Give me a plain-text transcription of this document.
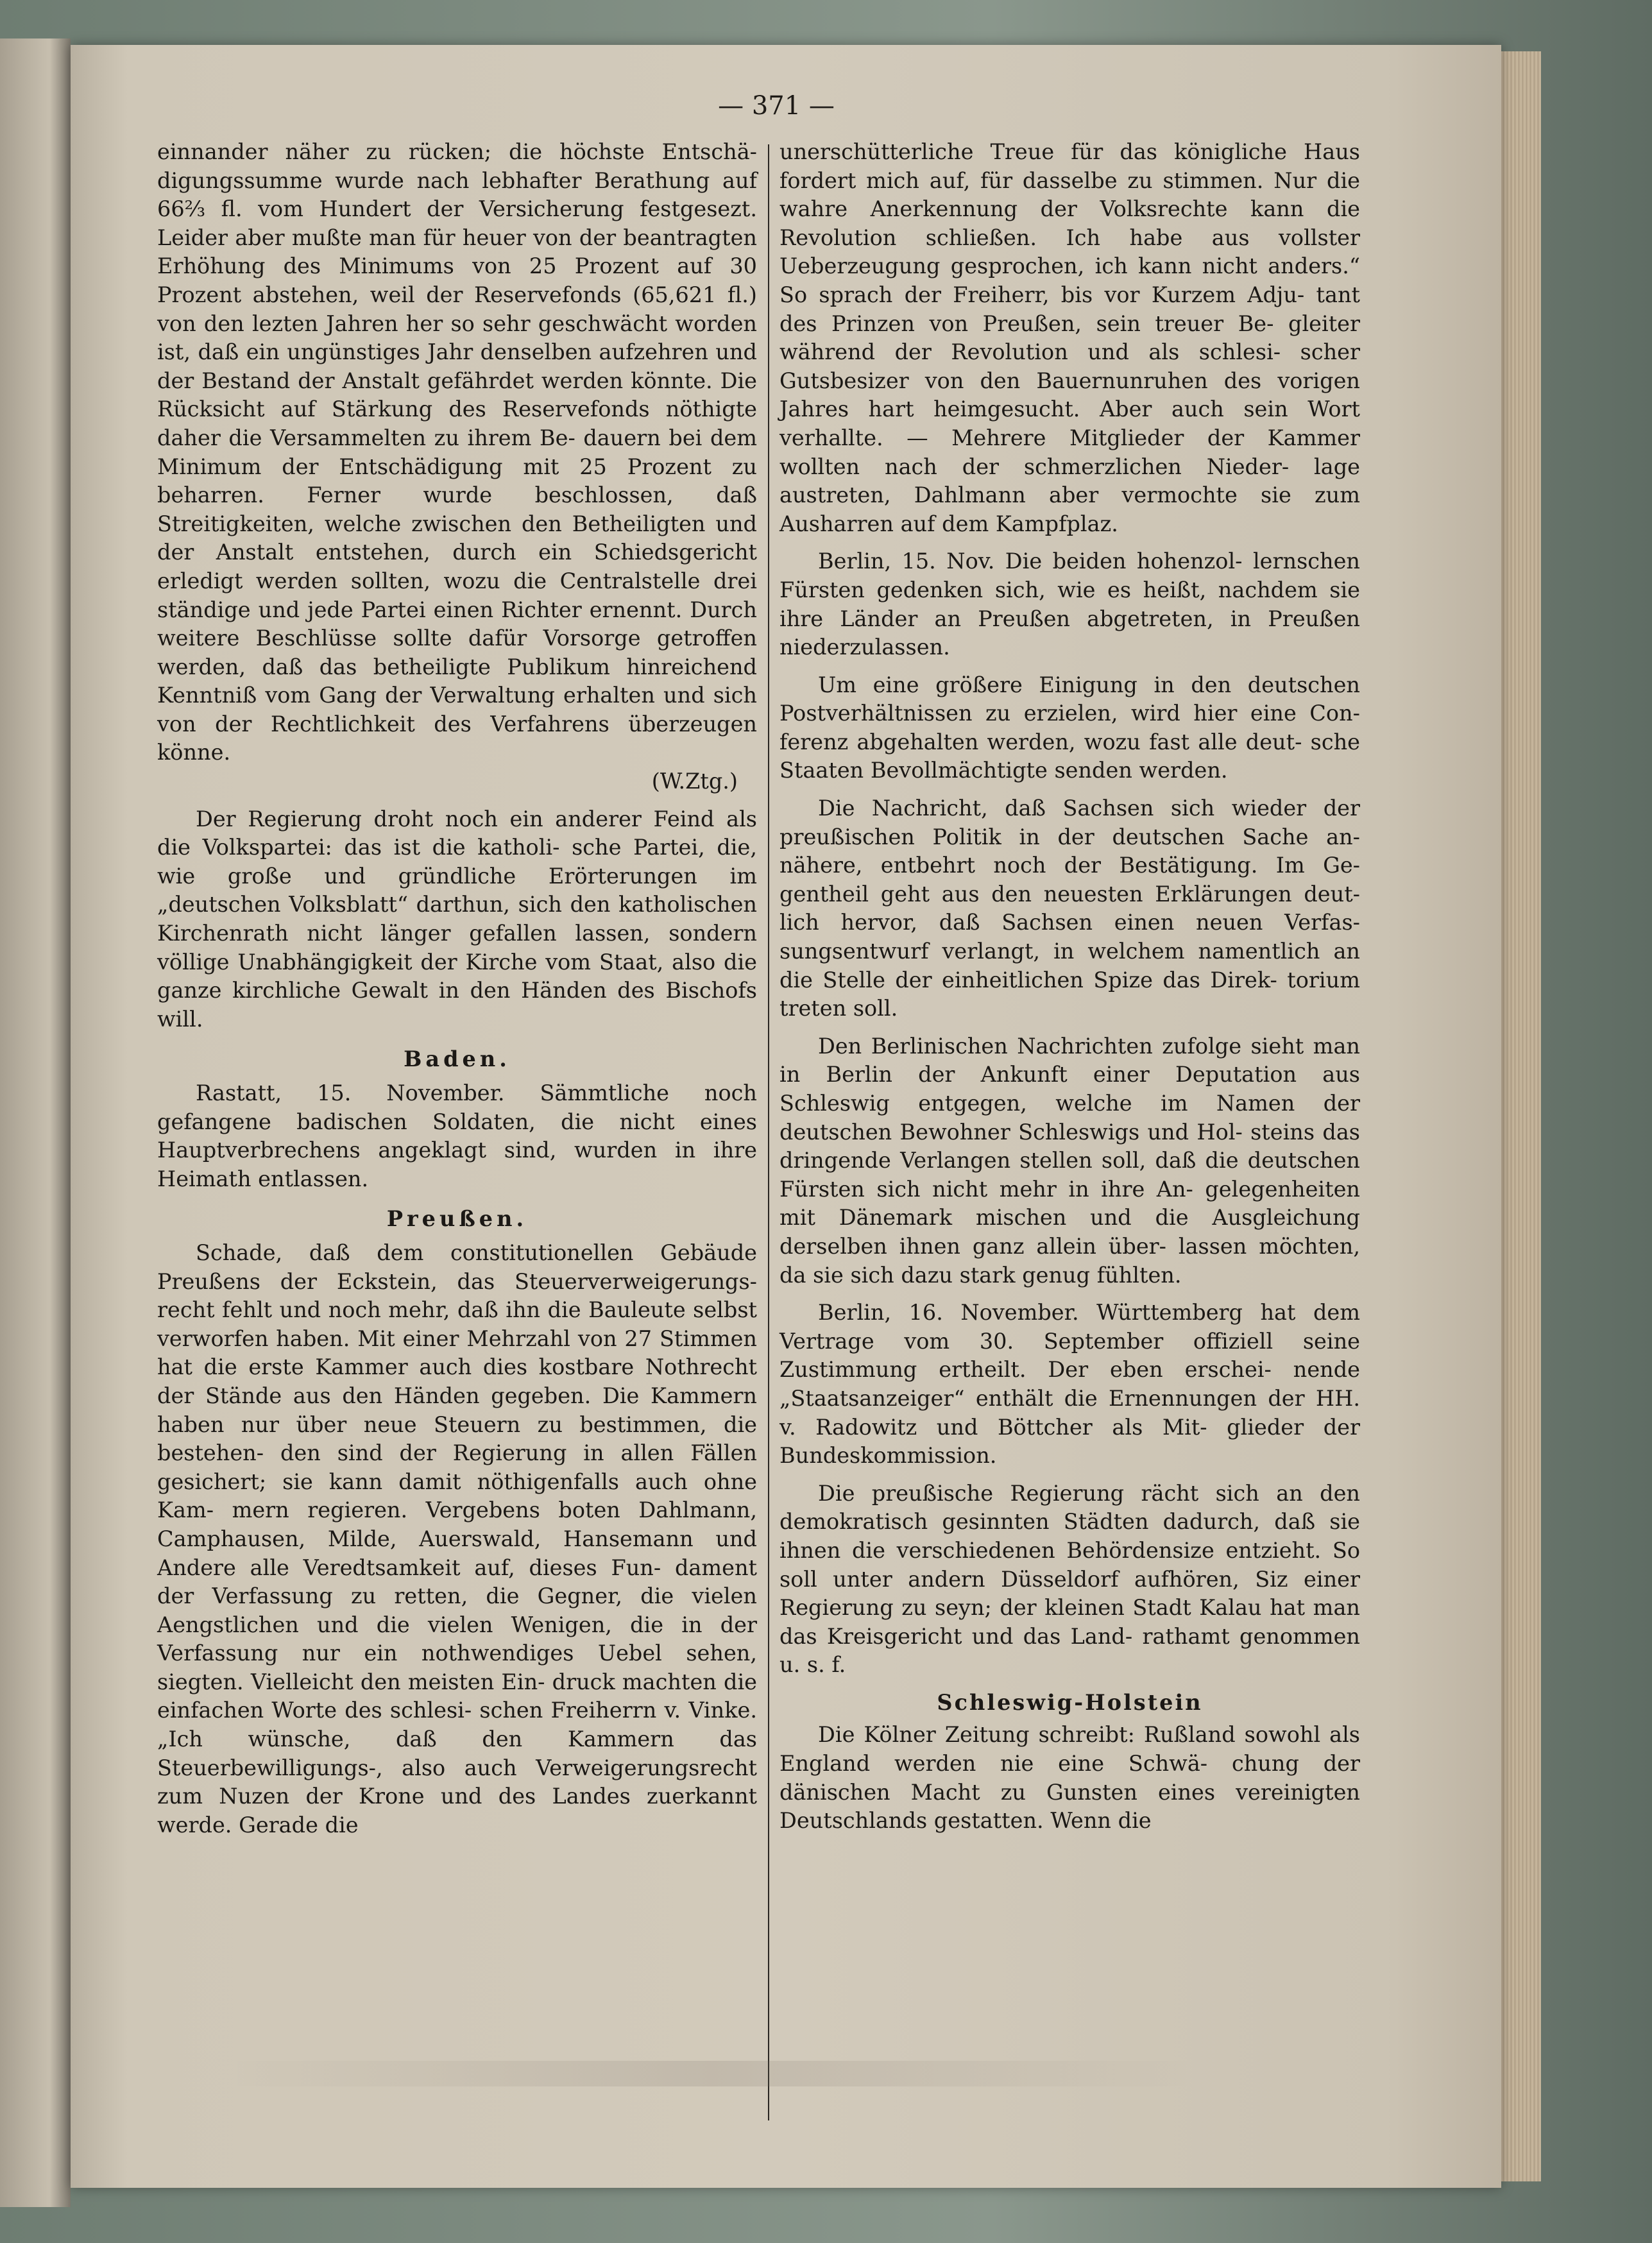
— 371 —

einnander näher zu rücken; die höchste Entschä- digungssumme wurde nach lebhafter Berathung auf 66⅔ fl. vom Hundert der Versicherung festgesezt. Leider aber mußte man für heuer von der beantragten Erhöhung des Minimums von 25 Prozent auf 30 Prozent abstehen, weil der Reservefonds (65,621 fl.) von den lezten Jahren her so sehr geschwächt worden ist, daß ein ungünstiges Jahr denselben aufzehren und der Bestand der Anstalt gefährdet werden könnte. Die Rücksicht auf Stärkung des Reservefonds nöthigte daher die Versammelten zu ihrem Be- dauern bei dem Minimum der Entschädigung mit 25 Prozent zu beharren. Ferner wurde beschlossen, daß Streitigkeiten, welche zwischen den Betheiligten und der Anstalt entstehen, durch ein Schiedsgericht erledigt werden sollten, wozu die Centralstelle drei ständige und jede Partei einen Richter ernennt. Durch weitere Beschlüsse sollte dafür Vorsorge getroffen werden, daß das betheiligte Publikum hinreichend Kenntniß vom Gang der Verwaltung erhalten und sich von der Rechtlichkeit des Verfahrens überzeugen könne.

(W.Ztg.)

Der Regierung droht noch ein anderer Feind als die Volkspartei: das ist die katholi- sche Partei, die, wie große und gründliche Erörterungen im „deutschen Volksblatt“ darthun, sich den katholischen Kirchenrath nicht länger gefallen lassen, sondern völlige Unabhängigkeit der Kirche vom Staat, also die ganze kirchliche Gewalt in den Händen des Bischofs will.

Baden.

Rastatt, 15. November. Sämmtliche noch gefangene badischen Soldaten, die nicht eines Hauptverbrechens angeklagt sind, wurden in ihre Heimath entlassen.

Preußen.

Schade, daß dem constitutionellen Gebäude Preußens der Eckstein, das Steuerverweigerungs- recht fehlt und noch mehr, daß ihn die Bauleute selbst verworfen haben. Mit einer Mehrzahl von 27 Stimmen hat die erste Kammer auch dies kostbare Nothrecht der Stände aus den Händen gegeben. Die Kammern haben nur über neue Steuern zu bestimmen, die bestehen- den sind der Regierung in allen Fällen gesichert; sie kann damit nöthigenfalls auch ohne Kam- mern regieren. Vergebens boten Dahlmann, Camphausen, Milde, Auerswald, Hansemann und Andere alle Veredtsamkeit auf, dieses Fun- dament der Verfassung zu retten, die Gegner, die vielen Aengstlichen und die vielen Wenigen, die in der Verfassung nur ein nothwendiges Uebel sehen, siegten. Vielleicht den meisten Ein- druck machten die einfachen Worte des schlesi- schen Freiherrn v. Vinke. „Ich wünsche, daß den Kammern das Steuerbewilligungs-, also auch Verweigerungsrecht zum Nuzen der Krone und des Landes zuerkannt werde. Gerade die

unerschütterliche Treue für das königliche Haus fordert mich auf, für dasselbe zu stimmen. Nur die wahre Anerkennung der Volksrechte kann die Revolution schließen. Ich habe aus vollster Ueberzeugung gesprochen, ich kann nicht anders.“ So sprach der Freiherr, bis vor Kurzem Adju- tant des Prinzen von Preußen, sein treuer Be- gleiter während der Revolution und als schlesi- scher Gutsbesizer von den Bauernunruhen des vorigen Jahres hart heimgesucht. Aber auch sein Wort verhallte. — Mehrere Mitglieder der Kammer wollten nach der schmerzlichen Nieder- lage austreten, Dahlmann aber vermochte sie zum Ausharren auf dem Kampfplaz.

Berlin, 15. Nov. Die beiden hohenzol- lernschen Fürsten gedenken sich, wie es heißt, nachdem sie ihre Länder an Preußen abgetreten, in Preußen niederzulassen.

Um eine größere Einigung in den deutschen Postverhältnissen zu erzielen, wird hier eine Con- ferenz abgehalten werden, wozu fast alle deut- sche Staaten Bevollmächtigte senden werden.

Die Nachricht, daß Sachsen sich wieder der preußischen Politik in der deutschen Sache an- nähere, entbehrt noch der Bestätigung. Im Ge- gentheil geht aus den neuesten Erklärungen deut- lich hervor, daß Sachsen einen neuen Verfas- sungsentwurf verlangt, in welchem namentlich an die Stelle der einheitlichen Spize das Direk- torium treten soll.

Den Berlinischen Nachrichten zufolge sieht man in Berlin der Ankunft einer Deputation aus Schleswig entgegen, welche im Namen der deutschen Bewohner Schleswigs und Hol- steins das dringende Verlangen stellen soll, daß die deutschen Fürsten sich nicht mehr in ihre An- gelegenheiten mit Dänemark mischen und die Ausgleichung derselben ihnen ganz allein über- lassen möchten, da sie sich dazu stark genug fühlten.

Berlin, 16. November. Württemberg hat dem Vertrage vom 30. September offiziell seine Zustimmung ertheilt. Der eben erschei- nende „Staatsanzeiger“ enthält die Ernennungen der HH. v. Radowitz und Böttcher als Mit- glieder der Bundeskommission.

Die preußische Regierung rächt sich an den demokratisch gesinnten Städten dadurch, daß sie ihnen die verschiedenen Behördensize entzieht. So soll unter andern Düsseldorf aufhören, Siz einer Regierung zu seyn; der kleinen Stadt Kalau hat man das Kreisgericht und das Land- rathamt genommen u. s. f.

Schleswig-Holstein

Die Kölner Zeitung schreibt: Rußland sowohl als England werden nie eine Schwä- chung der dänischen Macht zu Gunsten eines vereinigten Deutschlands gestatten. Wenn die
